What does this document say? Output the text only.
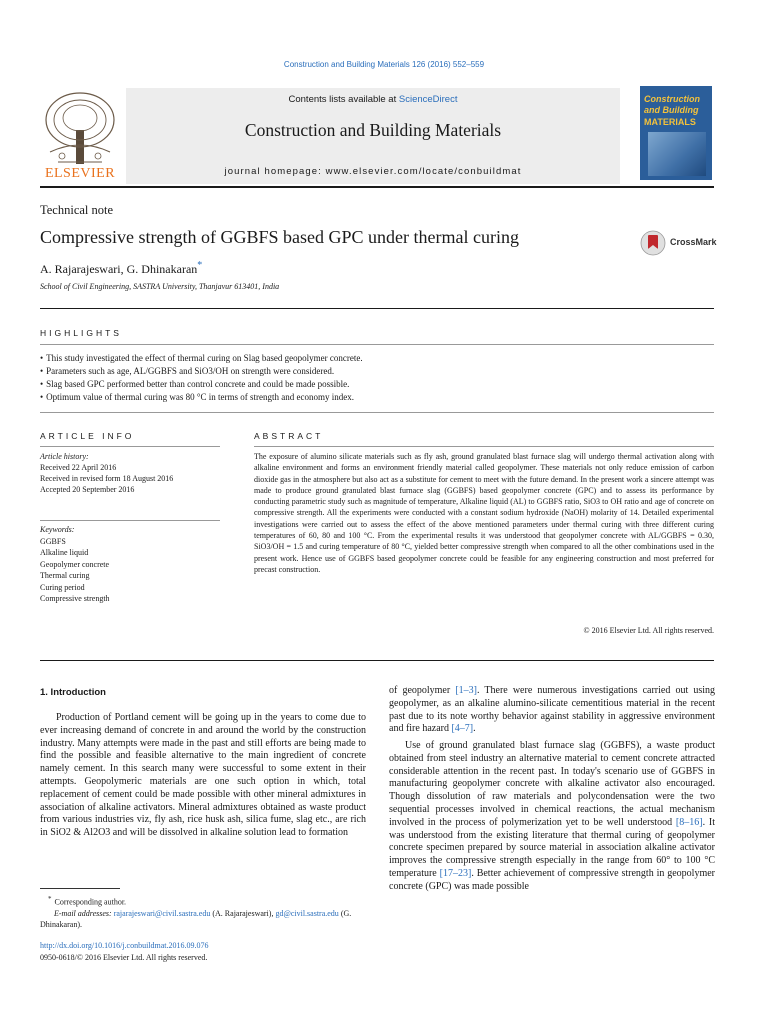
Construction and Building Materials 126 (2016) 552–559
ELSEVIER
Contents lists available at ScienceDirect
Construction and Building Materials
journal homepage: www.elsevier.com/locate/conbuildmat
Construction and Building
MATERIALS
Technical note
Compressive strength of GGBFS based GPC under thermal curing	CrossMark
A. Rajarajeswari, G. Dhinakaran*
School of Civil Engineering, SASTRA University, Thanjavur 613401, India
HIGHLIGHTS
• This study investigated the effect of thermal curing on Slag based geopolymer concrete.
• Parameters such as age, AL/GGBFS and SiO3/OH on strength were considered.
• Slag based GPC performed better than control concrete and could be made possible.
• Optimum value of thermal curing was 80 °C in terms of strength and economy index.
ARTICLE INFO
Article history:
Received 22 April 2016
Received in revised form 18 August 2016
Accepted 20 September 2016
Keywords:
GGBFS
Alkaline liquid
Geopolymer concrete
Thermal curing
Curing period
Compressive strength
ABSTRACT
The exposure of alumino silicate materials such as fly ash, ground granulated blast furnace slag will undergo thermal activation along with alkaline environment and forms an environment friendly material called geopolymer. These materials not only reduce emission of carbon dioxide gas in the atmosphere but also act as a substitute for cement to meet with the future demand. In the present work a sincere attempt was made to produce ground granulated blast furnace slag (GGBFS) based geopolymer concrete (GPC) and to assess its performance by conducting parametric study such as magnitude of temperature, Alkaline liquid (AL) to GGBFS ratio, SiO3 to OH ratio and age of concrete on compressive strength. All the experiments were conducted with a constant sodium hydroxide (NaOH) molarity of 14. Detailed experimental investigations were carried out to assess the effect of the above mentioned parameters under thermal curing with three different curing temperatures of 60, 80 and 100 °C. From the experimental results it was understood that geopolymer concrete with AL/GGBFS = 0.30, SiO3/OH = 1.5 and curing temperature of 80 °C, yielded better compressive strength when compared to all the other combinations used in the present work. Hence use of GGBFS based geopolymer concrete could be feasible for any engineering construction and most preferred for precast construction.
© 2016 Elsevier Ltd. All rights reserved.
1. Introduction
Production of Portland cement will be going up in the years to come due to ever increasing demand of concrete in and around the world by the construction industry. Many attempts were made in the past and still efforts are being made to find the possible and feasible alternative to the main ingredient of concrete namely cement. In this search many were successful to some extent in their attempts. Geopolymeric materials are one such option in which, total replacement of cement could be made possible with other mineral admixtures in association of alkaline activators. Mineral admixtures obtained as waste product from various industries viz, fly ash, rice husk ash, silica fume, slag etc., are rich in SiO2 & Al2O3 and will be dissolved in alkaline solution lead to formation
of geopolymer [1–3]. There were numerous investigations carried out using geopolymer, as an alkaline alumino-silicate cementitious material in the recent past due to its note worthy behavior against stability in aggressive environment and fire hazard [4–7].
Use of ground granulated blast furnace slag (GGBFS), a waste product obtained from steel industry an alternative material to cement concrete attracted considerable attention in the recent past. In today's scenario use of GGBFS in manufacturing geopolymer concrete with alkaline activator also encouraged. Though dissolution of raw materials and polycondensation were the two sequential processes involved in chemical reactions, the actual mechanism involved in the process of polymerization yet to be well understood [8–16]. It was understood from the existing literature that thermal curing of geopolymer concrete specimen prepared by source material in association alkaline activator improves the compressive strength especially in the range from 60° to 100 °C temperature [17–23]. Better achievement of compressive strength in geopolymer concrete (GPC) was made possible
* Corresponding author.
E-mail addresses: rajarajeswari@civil.sastra.edu (A. Rajarajeswari), gd@civil.sastra.edu (G. Dhinakaran).
http://dx.doi.org/10.1016/j.conbuildmat.2016.09.076
0950-0618/© 2016 Elsevier Ltd. All rights reserved.
